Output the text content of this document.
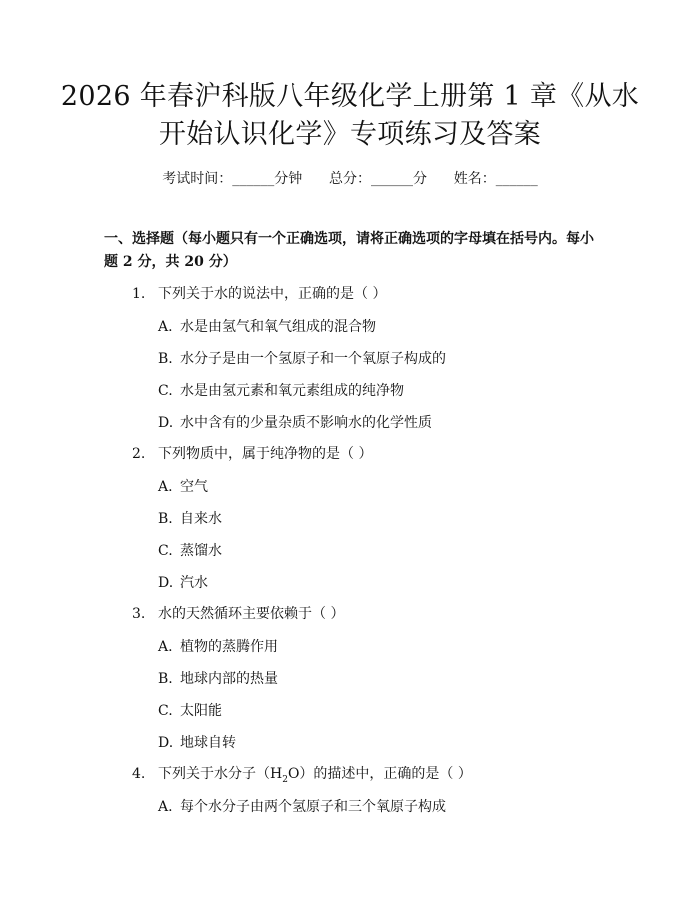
2026 年春沪科版八年级化学上册第 1 章《从水开始认识化学》专项练习及答案
考试时间：______分钟      总分：______分      姓名：______
一、选择题（每小题只有一个正确选项，请将正确选项的字母填在括号内。每小题 2 分，共 20 分）
1. 下列关于水的说法中，正确的是（ ）
A. 水是由氢气和氧气组成的混合物
B. 水分子是由一个氢原子和一个氧原子构成的
C. 水是由氢元素和氧元素组成的纯净物
D. 水中含有的少量杂质不影响水的化学性质
2. 下列物质中，属于纯净物的是（ ）
A. 空气
B. 自来水
C. 蒸馏水
D. 汽水
3. 水的天然循环主要依赖于（ ）
A. 植物的蒸腾作用
B. 地球内部的热量
C. 太阳能
D. 地球自转
4. 下列关于水分子$(H_2O)$的描述中，正确的是（ ）
A. 每个水分子由两个氢原子和三个氧原子构成
